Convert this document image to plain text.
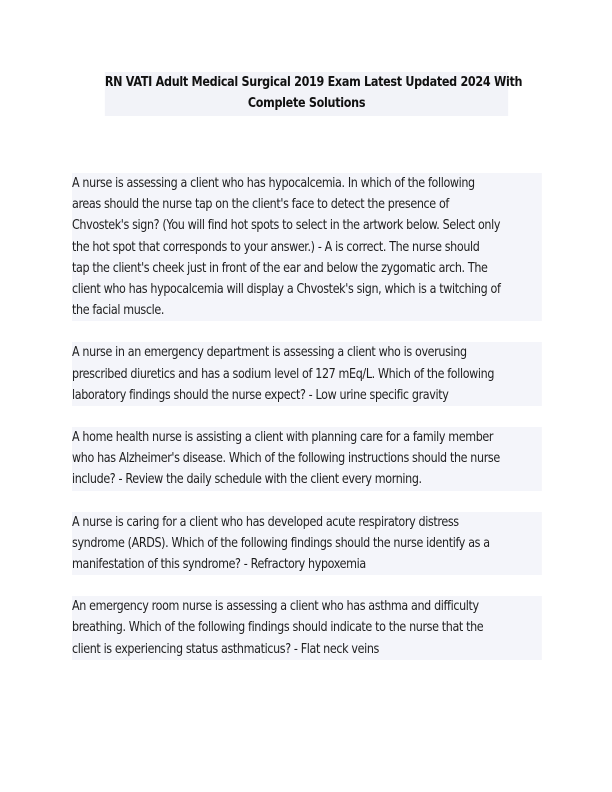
RN VATI Adult Medical Surgical 2019 Exam Latest Updated 2024 With
Complete Solutions
A nurse is assessing a client who has hypocalcemia. In which of the following
areas should the nurse tap on the client's face to detect the presence of
Chvostek's sign? (You will find hot spots to select in the artwork below. Select only
the hot spot that corresponds to your answer.) - A is correct. The nurse should
tap the client's cheek just in front of the ear and below the zygomatic arch. The
client who has hypocalcemia will display a Chvostek's sign, which is a twitching of
the facial muscle.
A nurse in an emergency department is assessing a client who is overusing
prescribed diuretics and has a sodium level of 127 mEq/L. Which of the following
laboratory findings should the nurse expect? - Low urine specific gravity
A home health nurse is assisting a client with planning care for a family member
who has Alzheimer's disease. Which of the following instructions should the nurse
include? - Review the daily schedule with the client every morning.
A nurse is caring for a client who has developed acute respiratory distress
syndrome (ARDS). Which of the following findings should the nurse identify as a
manifestation of this syndrome? - Refractory hypoxemia
An emergency room nurse is assessing a client who has asthma and difficulty
breathing. Which of the following findings should indicate to the nurse that the
client is experiencing status asthmaticus? - Flat neck veins
